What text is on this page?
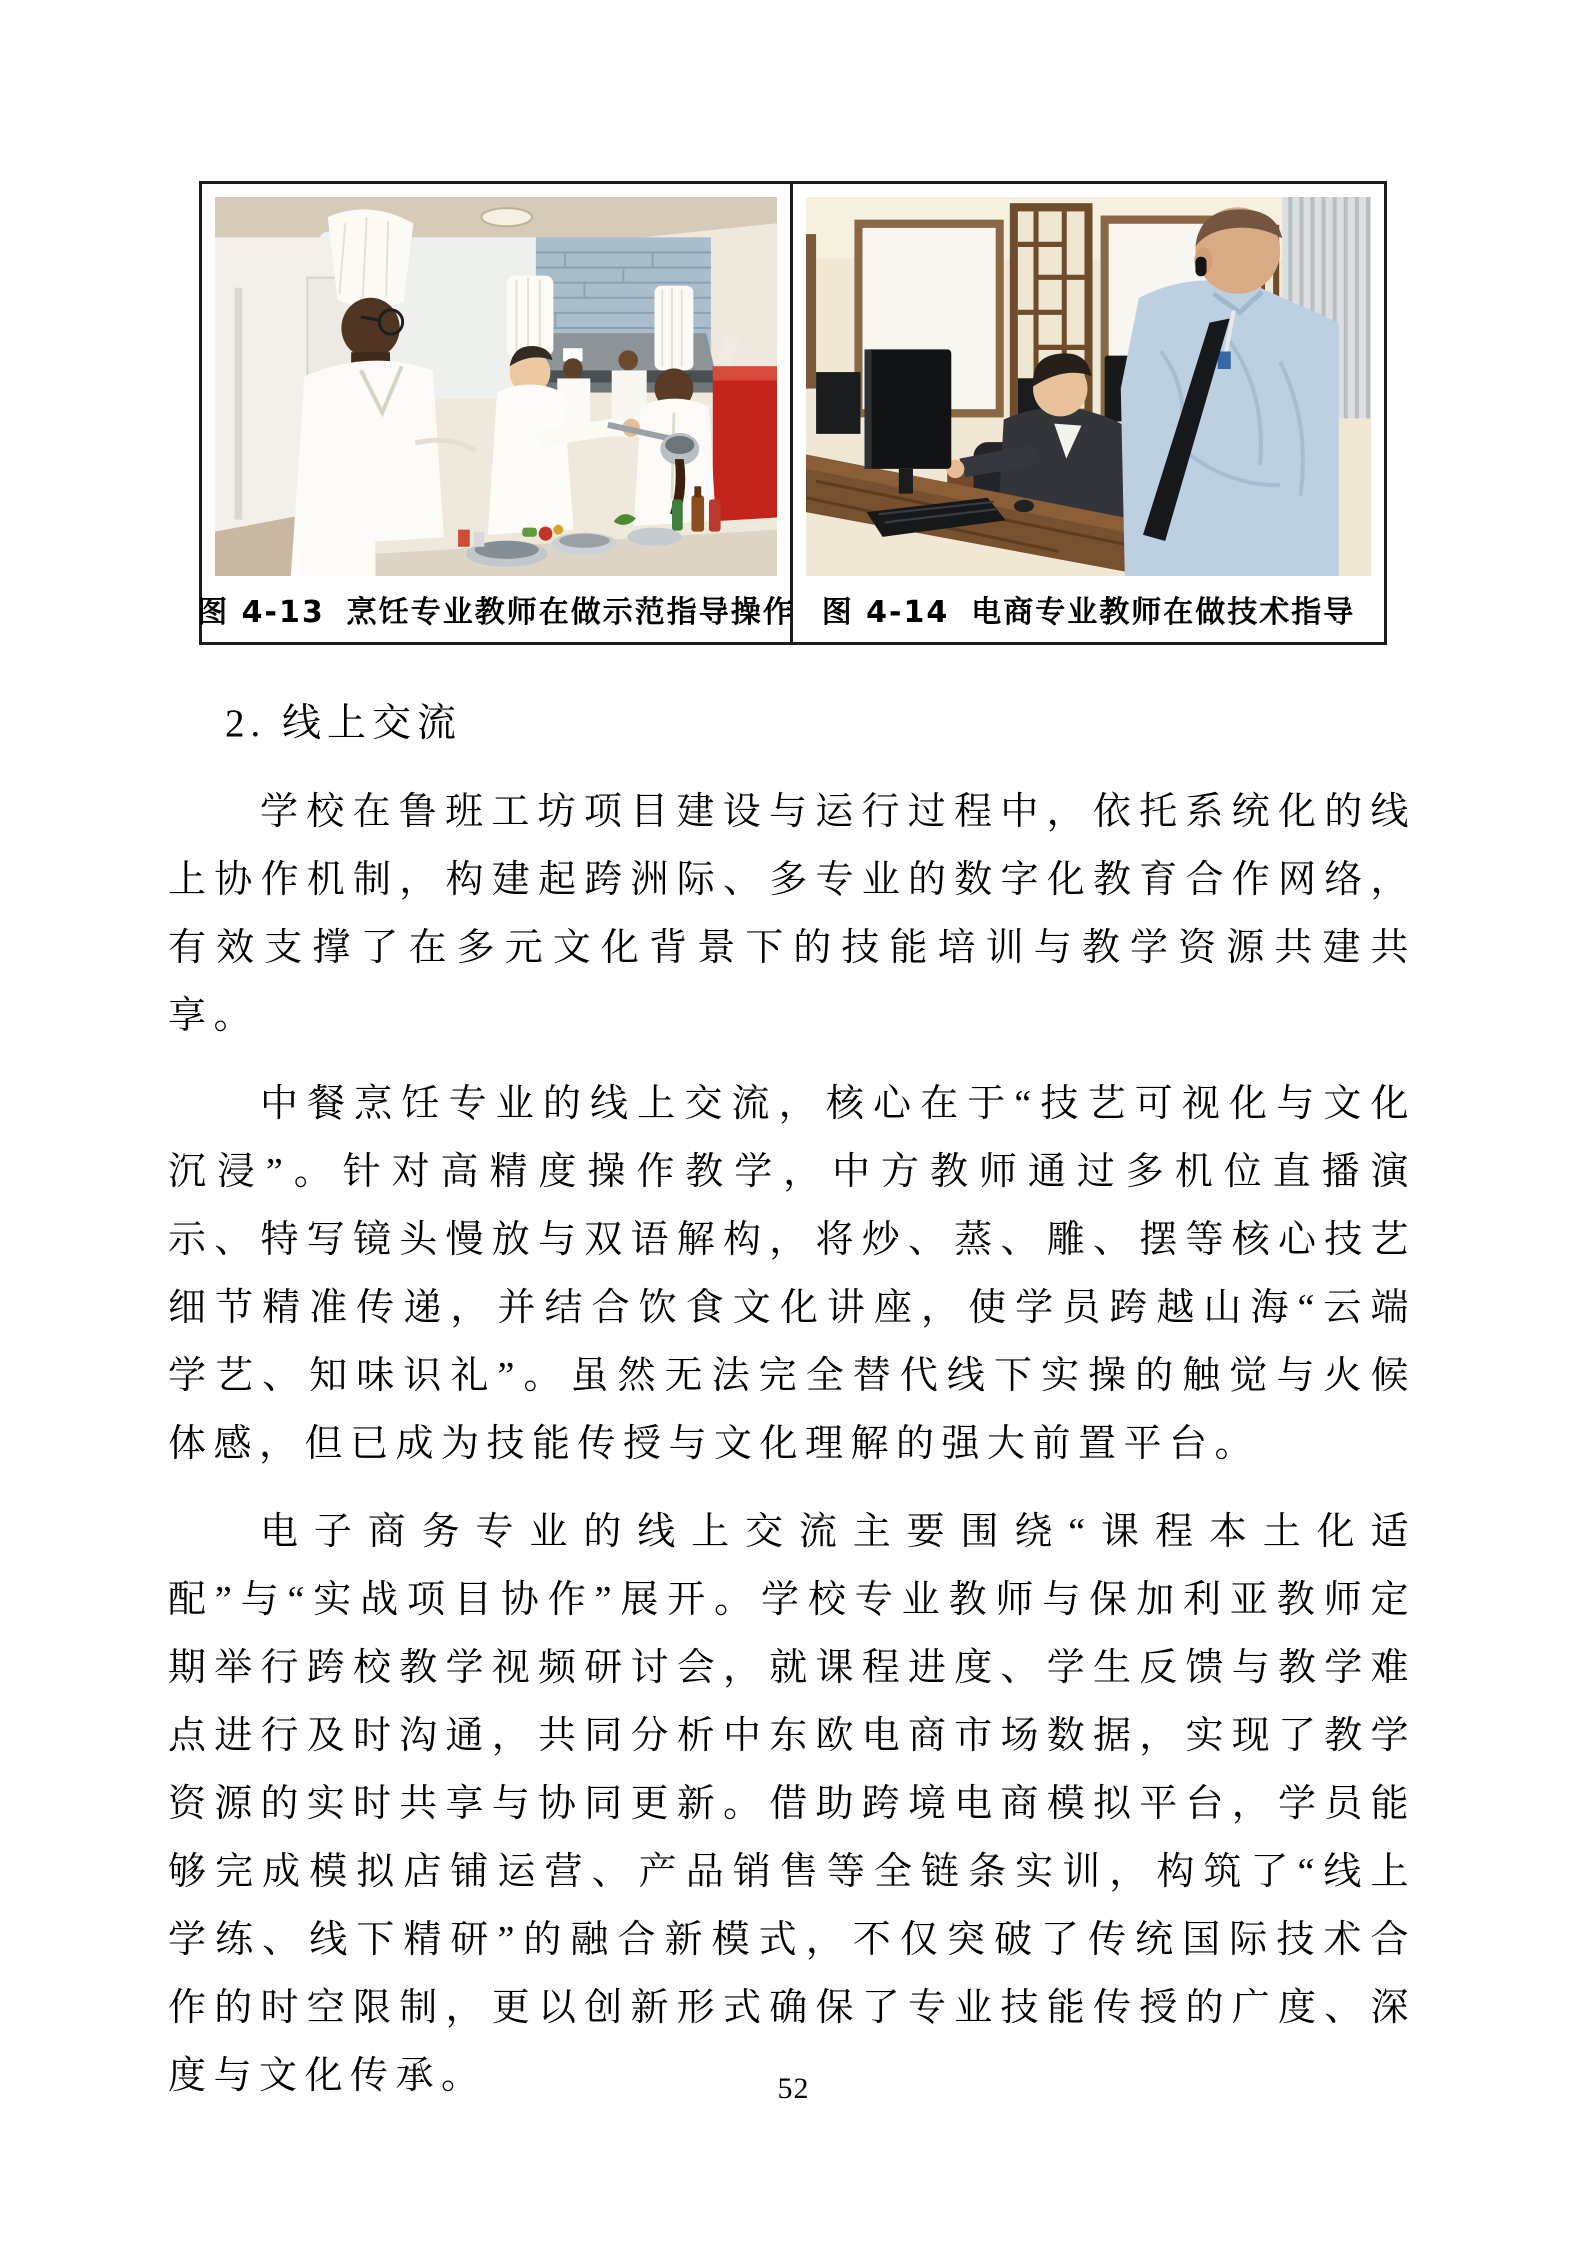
图 4-13 烹饪专业教师在做示范指导操作 图 4-14 电商专业教师在做技术指导
2. 线上交流

学校在鲁班工坊项目建设与运行过程中，依托系统化的线上协作机制，构建起跨洲际、多专业的数字化教育合作网络，有效支撑了在多元文化背景下的技能培训与教学资源共建共享。

中餐烹饪专业的线上交流，核心在于“技艺可视化与文化沉浸”。针对高精度操作教学，中方教师通过多机位直播演示、特写镜头慢放与双语解构，将炒、蒸、雕、摆等核心技艺细节精准传递，并结合饮食文化讲座，使学员跨越山海“云端学艺、知味识礼”。虽然无法完全替代线下实操的触觉与火候体感，但已成为技能传授与文化理解的强大前置平台。

电子商务专业的线上交流主要围绕“课程本土化适配”与“实战项目协作”展开。学校专业教师与保加利亚教师定期举行跨校教学视频研讨会，就课程进度、学生反馈与教学难点进行及时沟通，共同分析中东欧电商市场数据，实现了教学资源的实时共享与协同更新。借助跨境电商模拟平台，学员能够完成模拟店铺运营、产品销售等全链条实训，构筑了“线上学练、线下精研”的融合新模式，不仅突破了传统国际技术合作的时空限制，更以创新形式确保了专业技能传授的广度、深度与文化传承。	52
